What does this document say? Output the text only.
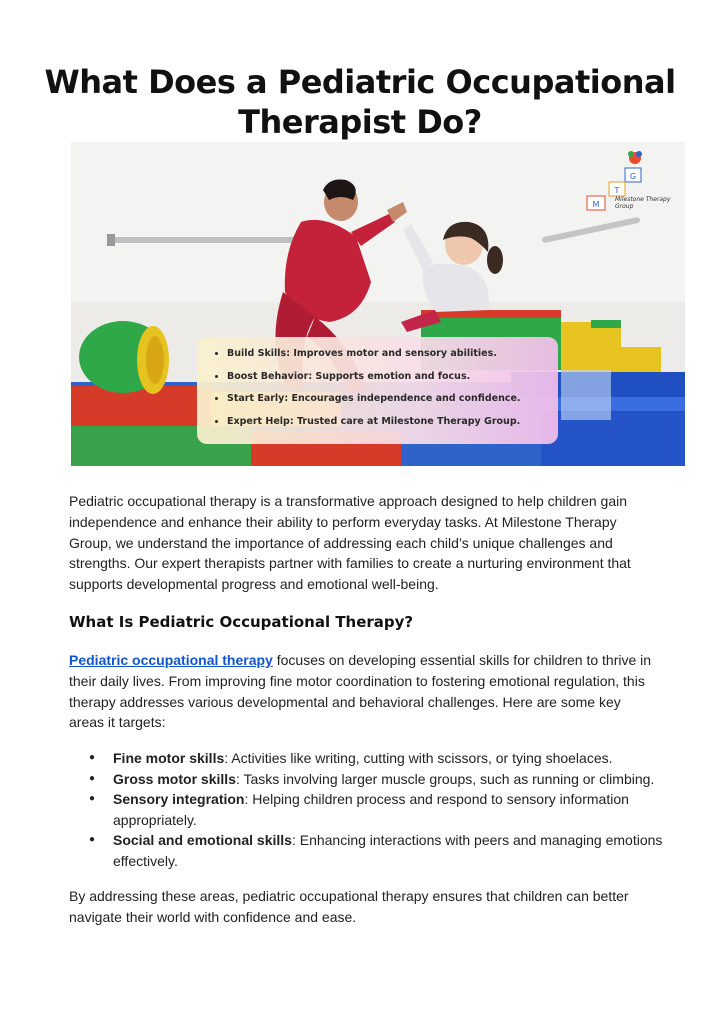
What Does a Pediatric Occupational Therapist Do?
G
T
M
Milestone Therapy Group
• Build Skills: Improves motor and sensory abilities.
• Boost Behavior: Supports emotion and focus.
• Start Early: Encourages independence and confidence.
• Expert Help: Trusted care at Milestone Therapy Group.

Pediatric occupational therapy is a transformative approach designed to help children gain independence and enhance their ability to perform everyday tasks. At Milestone Therapy Group, we understand the importance of addressing each child’s unique challenges and strengths. Our expert therapists partner with families to create a nurturing environment that supports developmental progress and emotional well-being.

What Is Pediatric Occupational Therapy?

Pediatric occupational therapy focuses on developing essential skills for children to thrive in their daily lives. From improving fine motor coordination to fostering emotional regulation, this therapy addresses various developmental and behavioral challenges. Here are some key areas it targets:

● Fine motor skills: Activities like writing, cutting with scissors, or tying shoelaces.
● Gross motor skills: Tasks involving larger muscle groups, such as running or climbing.
● Sensory integration: Helping children process and respond to sensory information appropriately.
● Social and emotional skills: Enhancing interactions with peers and managing emotions effectively.

By addressing these areas, pediatric occupational therapy ensures that children can better navigate their world with confidence and ease.
